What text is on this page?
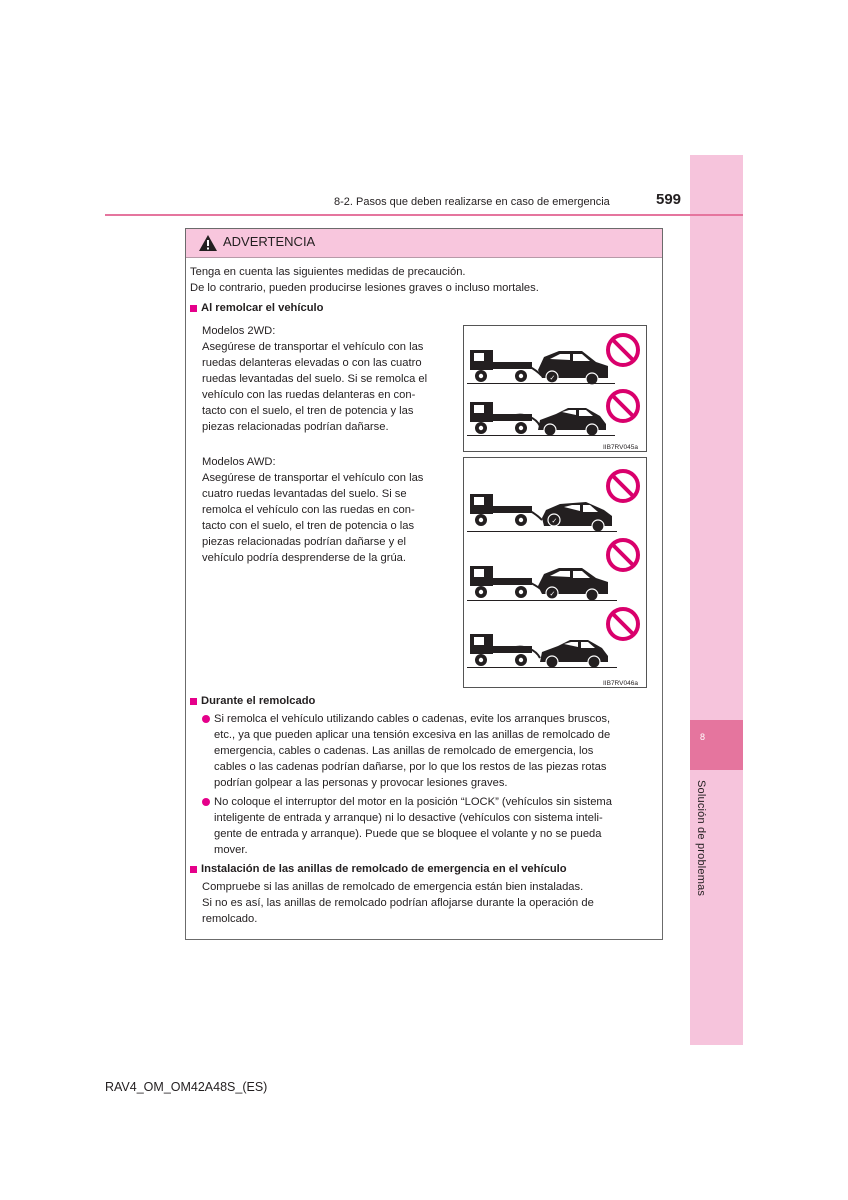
8
Solución de problemas
8-2. Pasos que deben realizarse en caso de emergencia	599
ADVERTENCIA
Tenga en cuenta las siguientes medidas de precaución.
De lo contrario, pueden producirse lesiones graves o incluso mortales.
Al remolcar el vehículo
Modelos 2WD:
Asegúrese de transportar el vehículo con las
ruedas delanteras elevadas o con las cuatro
ruedas levantadas del suelo. Si se remolca el
vehículo con las ruedas delanteras en con-
tacto con el suelo, el tren de potencia y las
piezas relacionadas podrían dañarse.
✓
IIB7RV045a
Modelos AWD:
Asegúrese de transportar el vehículo con las
cuatro ruedas levantadas del suelo. Si se
remolca el vehículo con las ruedas en con-
tacto con el suelo, el tren de potencia o las
piezas relacionadas podrían dañarse y el
vehículo podría desprenderse de la grúa.
✓
✓
IIB7RV046a
Durante el remolcado
Si remolca el vehículo utilizando cables o cadenas, evite los arranques bruscos,
etc., ya que pueden aplicar una tensión excesiva en las anillas de remolcado de
emergencia, cables o cadenas. Las anillas de remolcado de emergencia, los
cables o las cadenas podrían dañarse, por lo que los restos de las piezas rotas
podrían golpear a las personas y provocar lesiones graves.
No coloque el interruptor del motor en la posición “LOCK” (vehículos sin sistema
inteligente de entrada y arranque) ni lo desactive (vehículos con sistema inteli-
gente de entrada y arranque). Puede que se bloquee el volante y no se pueda
mover.
Instalación de las anillas de remolcado de emergencia en el vehículo
Compruebe si las anillas de remolcado de emergencia están bien instaladas.
Si no es así, las anillas de remolcado podrían aflojarse durante la operación de
remolcado.
RAV4_OM_OM42A48S_(ES)
